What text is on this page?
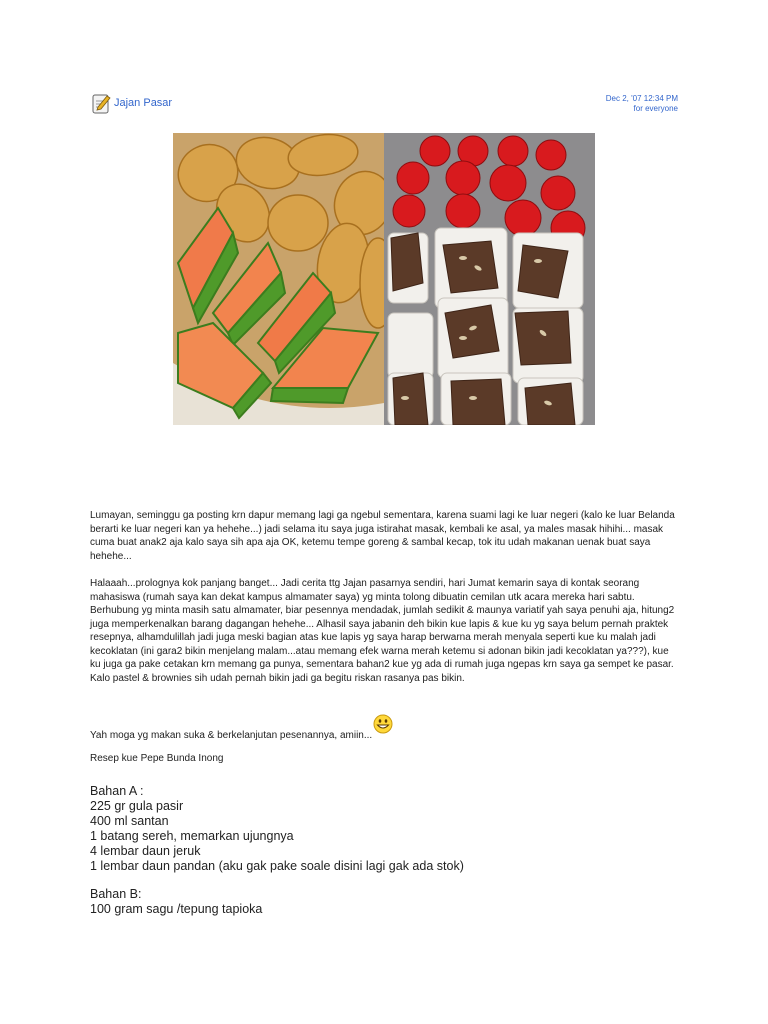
Jajan Pasar	Dec 2, '07 12:34 PM
for everyone
Lumayan, seminggu ga posting krn dapur memang lagi ga ngebul sementara, karena suami lagi ke luar negeri (kalo ke luar Belanda berarti ke luar negeri kan ya hehehe...) jadi selama itu saya juga istirahat masak, kembali ke asal, ya males masak hihihi... masak cuma buat anak2 aja kalo saya sih apa aja OK, ketemu tempe goreng & sambal kecap, tok itu udah makanan uenak buat saya hehehe...
Halaaah...prolognya kok panjang banget... Jadi cerita ttg Jajan pasarnya sendiri, hari Jumat kemarin saya di kontak seorang mahasiswa (rumah saya kan dekat kampus almamater saya) yg minta tolong dibuatin cemilan utk acara mereka hari sabtu. Berhubung yg minta masih satu almamater, biar pesennya mendadak, jumlah sedikit & maunya variatif yah saya penuhi aja, hitung2 juga memperkenalkan barang dagangan hehehe... Alhasil saya jabanin deh bikin kue lapis & kue ku yg saya belum pernah praktek resepnya, alhamdulillah jadi juga meski bagian atas kue lapis yg saya harap berwarna merah menyala seperti kue ku malah jadi kecoklatan (ini gara2 bikin menjelang malam...atau memang efek warna merah ketemu si adonan bikin jadi kecoklatan ya???), kue ku juga ga pake cetakan krn memang ga punya, sementara bahan2 kue yg ada di rumah juga ngepas krn saya ga sempet ke pasar. Kalo pastel & brownies sih udah pernah bikin jadi ga begitu riskan rasanya pas bikin.
Yah moga yg makan suka & berkelanjutan pesenannya, amiin...
Resep kue Pepe Bunda Inong
Bahan A :
225 gr gula pasir
400 ml santan
1 batang sereh, memarkan ujungnya
4 lembar daun jeruk
1 lembar daun pandan (aku gak pake soale disini lagi gak ada stok)
Bahan B:
100 gram sagu /tepung tapioka
